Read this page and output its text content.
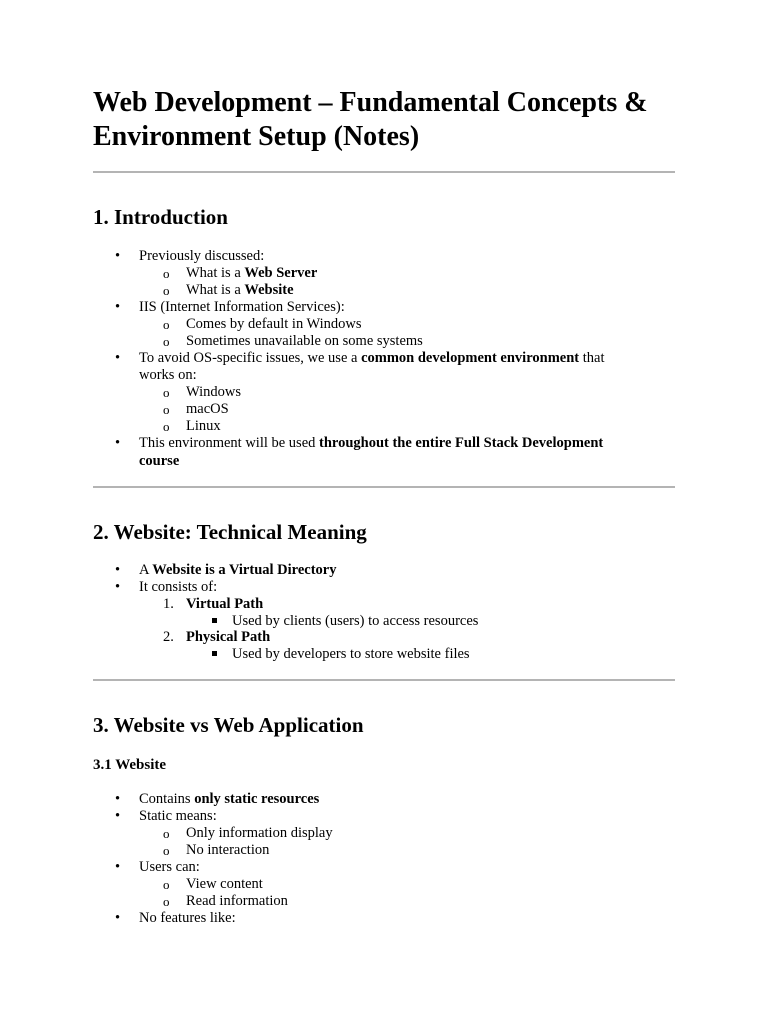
Web Development – Fundamental Concepts & Environment Setup (Notes)
1. Introduction
•
Previously discussed:
o What is a Web Server
o What is a Website
•
IIS (Internet Information Services):
o Comes by default in Windows
o Sometimes unavailable on some systems
•
To avoid OS-specific issues, we use a common development environment that
works on:
o Windows
o macOS
o Linux
•
This environment will be used throughout the entire Full Stack Development
course
2. Website: Technical Meaning
•
A Website is a Virtual Directory
•
It consists of:
1. Virtual Path
Used by clients (users) to access resources
2. Physical Path
Used by developers to store website files
3. Website vs Web Application
3.1 Website
•
Contains only static resources
•
Static means:
o Only information display
o No interaction
•
Users can:
o View content
o Read information
•
No features like:
